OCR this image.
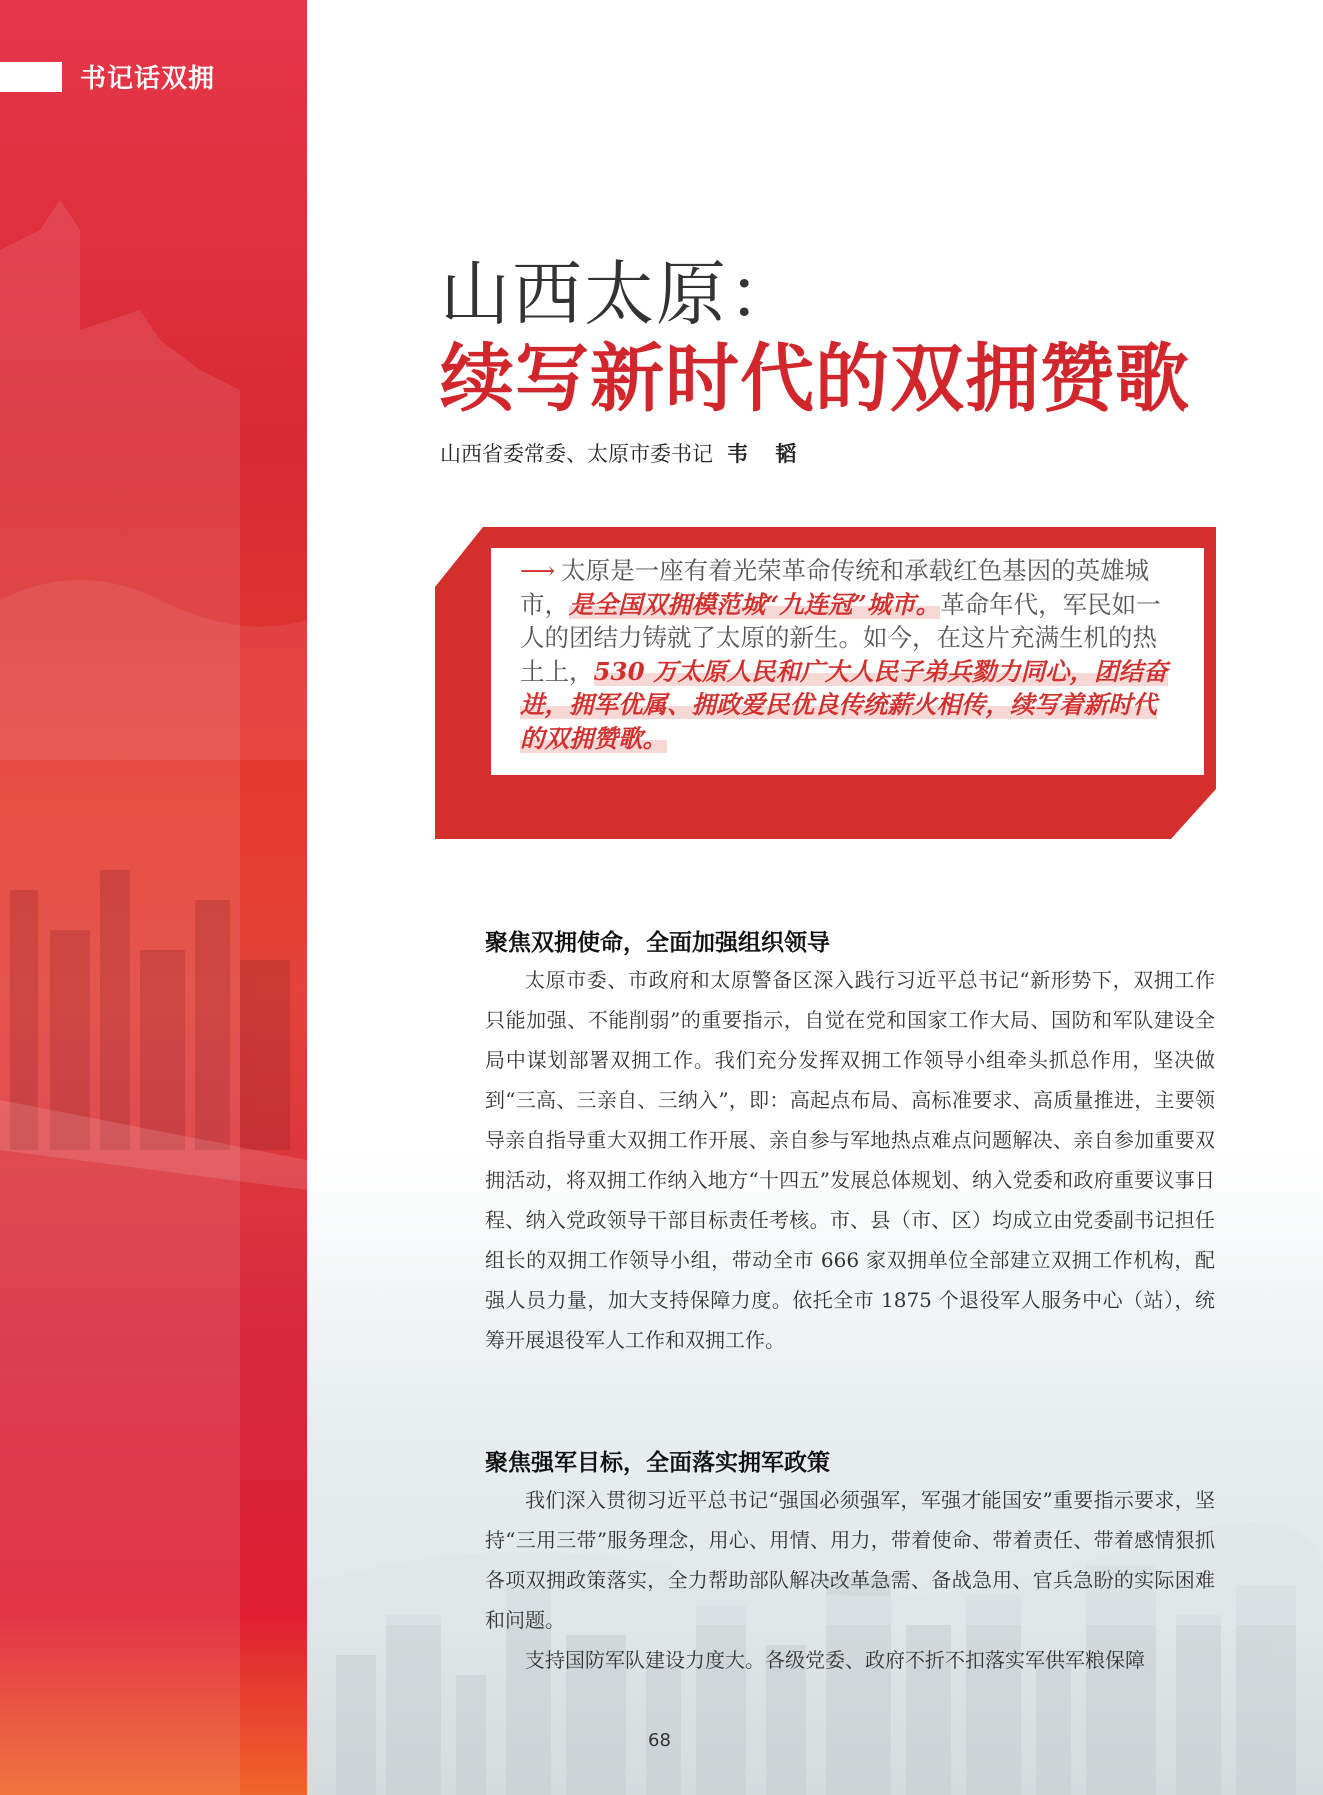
书记话双拥
山西太原：
续写新时代的双拥赞歌
山西省委常委、太原市委书记 韦 韬
⟶ 太原是一座有着光荣革命传统和承载红色基因的英雄城市，是全国双拥模范城“九连冠”城市。革命年代，军民如一人的团结力铸就了太原的新生。如今，在这片充满生机的热土上，530 万太原人民和广大人民子弟兵勠力同心，团结奋进，拥军优属、拥政爱民优良传统薪火相传，续写着新时代的双拥赞歌。
聚焦双拥使命，全面加强组织领导
太原市委、市政府和太原警备区深入践行习近平总书记“新形势下，双拥工作只能加强、不能削弱”的重要指示，自觉在党和国家工作大局、国防和军队建设全局中谋划部署双拥工作。我们充分发挥双拥工作领导小组牵头抓总作用，坚决做到“三高、三亲自、三纳入”，即：高起点布局、高标准要求、高质量推进，主要领导亲自指导重大双拥工作开展、亲自参与军地热点难点问题解决、亲自参加重要双拥活动，将双拥工作纳入地方“十四五”发展总体规划、纳入党委和政府重要议事日程、纳入党政领导干部目标责任考核。市、县（市、区）均成立由党委副书记担任组长的双拥工作领导小组，带动全市 666 家双拥单位全部建立双拥工作机构，配强人员力量，加大支持保障力度。依托全市 1875 个退役军人服务中心（站），统筹开展退役军人工作和双拥工作。
聚焦强军目标，全面落实拥军政策
我们深入贯彻习近平总书记“强国必须强军，军强才能国安”重要指示要求，坚持“三用三带”服务理念，用心、用情、用力，带着使命、带着责任、带着感情狠抓各项双拥政策落实，全力帮助部队解决改革急需、备战急用、官兵急盼的实际困难和问题。
支持国防军队建设力度大。各级党委、政府不折不扣落实军供军粮保障
68
